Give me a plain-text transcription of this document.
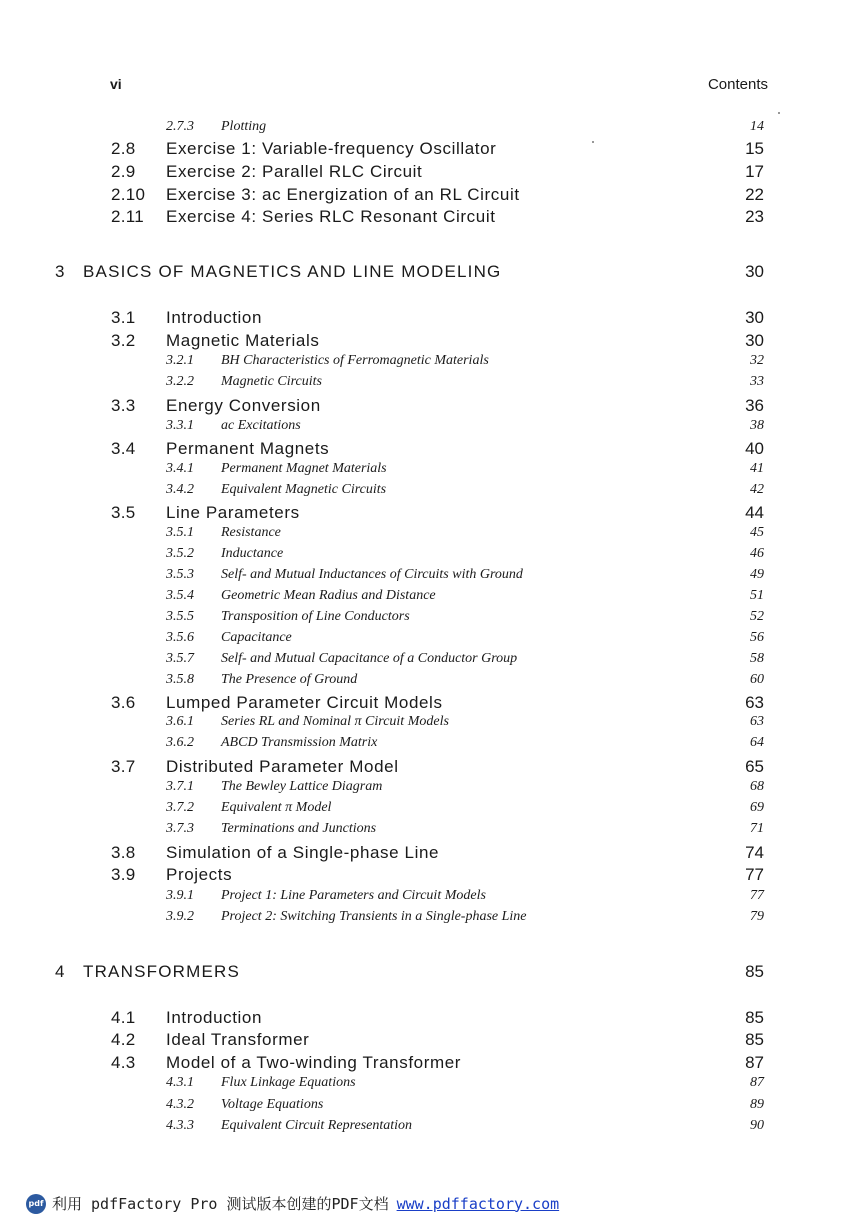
vi	Contents
2.7.3 Plotting	14
2.8 Exercise 1: Variable-frequency Oscillator	15
2.9 Exercise 2: Parallel RLC Circuit	17
2.10 Exercise 3: ac Energization of an RL Circuit	22
2.11 Exercise 4: Series RLC Resonant Circuit	23
3 BASICS OF MAGNETICS AND LINE MODELING	30
3.1 Introduction	30
3.2 Magnetic Materials	30
3.2.1 BH Characteristics of Ferromagnetic Materials	32
3.2.2 Magnetic Circuits	33
3.3 Energy Conversion	36
3.3.1 ac Excitations	38
3.4 Permanent Magnets	40
3.4.1 Permanent Magnet Materials	41
3.4.2 Equivalent Magnetic Circuits	42
3.5 Line Parameters	44
3.5.1 Resistance	45
3.5.2 Inductance	46
3.5.3 Self- and Mutual Inductances of Circuits with Ground	49
3.5.4 Geometric Mean Radius and Distance	51
3.5.5 Transposition of Line Conductors	52
3.5.6 Capacitance	56
3.5.7 Self- and Mutual Capacitance of a Conductor Group	58
3.5.8 The Presence of Ground	60
3.6 Lumped Parameter Circuit Models	63
3.6.1 Series RL and Nominal π Circuit Models	63
3.6.2 ABCD Transmission Matrix	64
3.7 Distributed Parameter Model	65
3.7.1 The Bewley Lattice Diagram	68
3.7.2 Equivalent π Model	69
3.7.3 Terminations and Junctions	71
3.8 Simulation of a Single-phase Line	74
3.9 Projects	77
3.9.1 Project 1: Line Parameters and Circuit Models	77
3.9.2 Project 2: Switching Transients in a Single-phase Line	79
4 TRANSFORMERS	85
4.1 Introduction	85
4.2 Ideal Transformer	85
4.3 Model of a Two-winding Transformer	87
4.3.1 Flux Linkage Equations	87
4.3.2 Voltage Equations	89
4.3.3 Equivalent Circuit Representation	90
pdf 利用 pdfFactory Pro 测试版本创建的PDF文档 www.pdffactory.com
